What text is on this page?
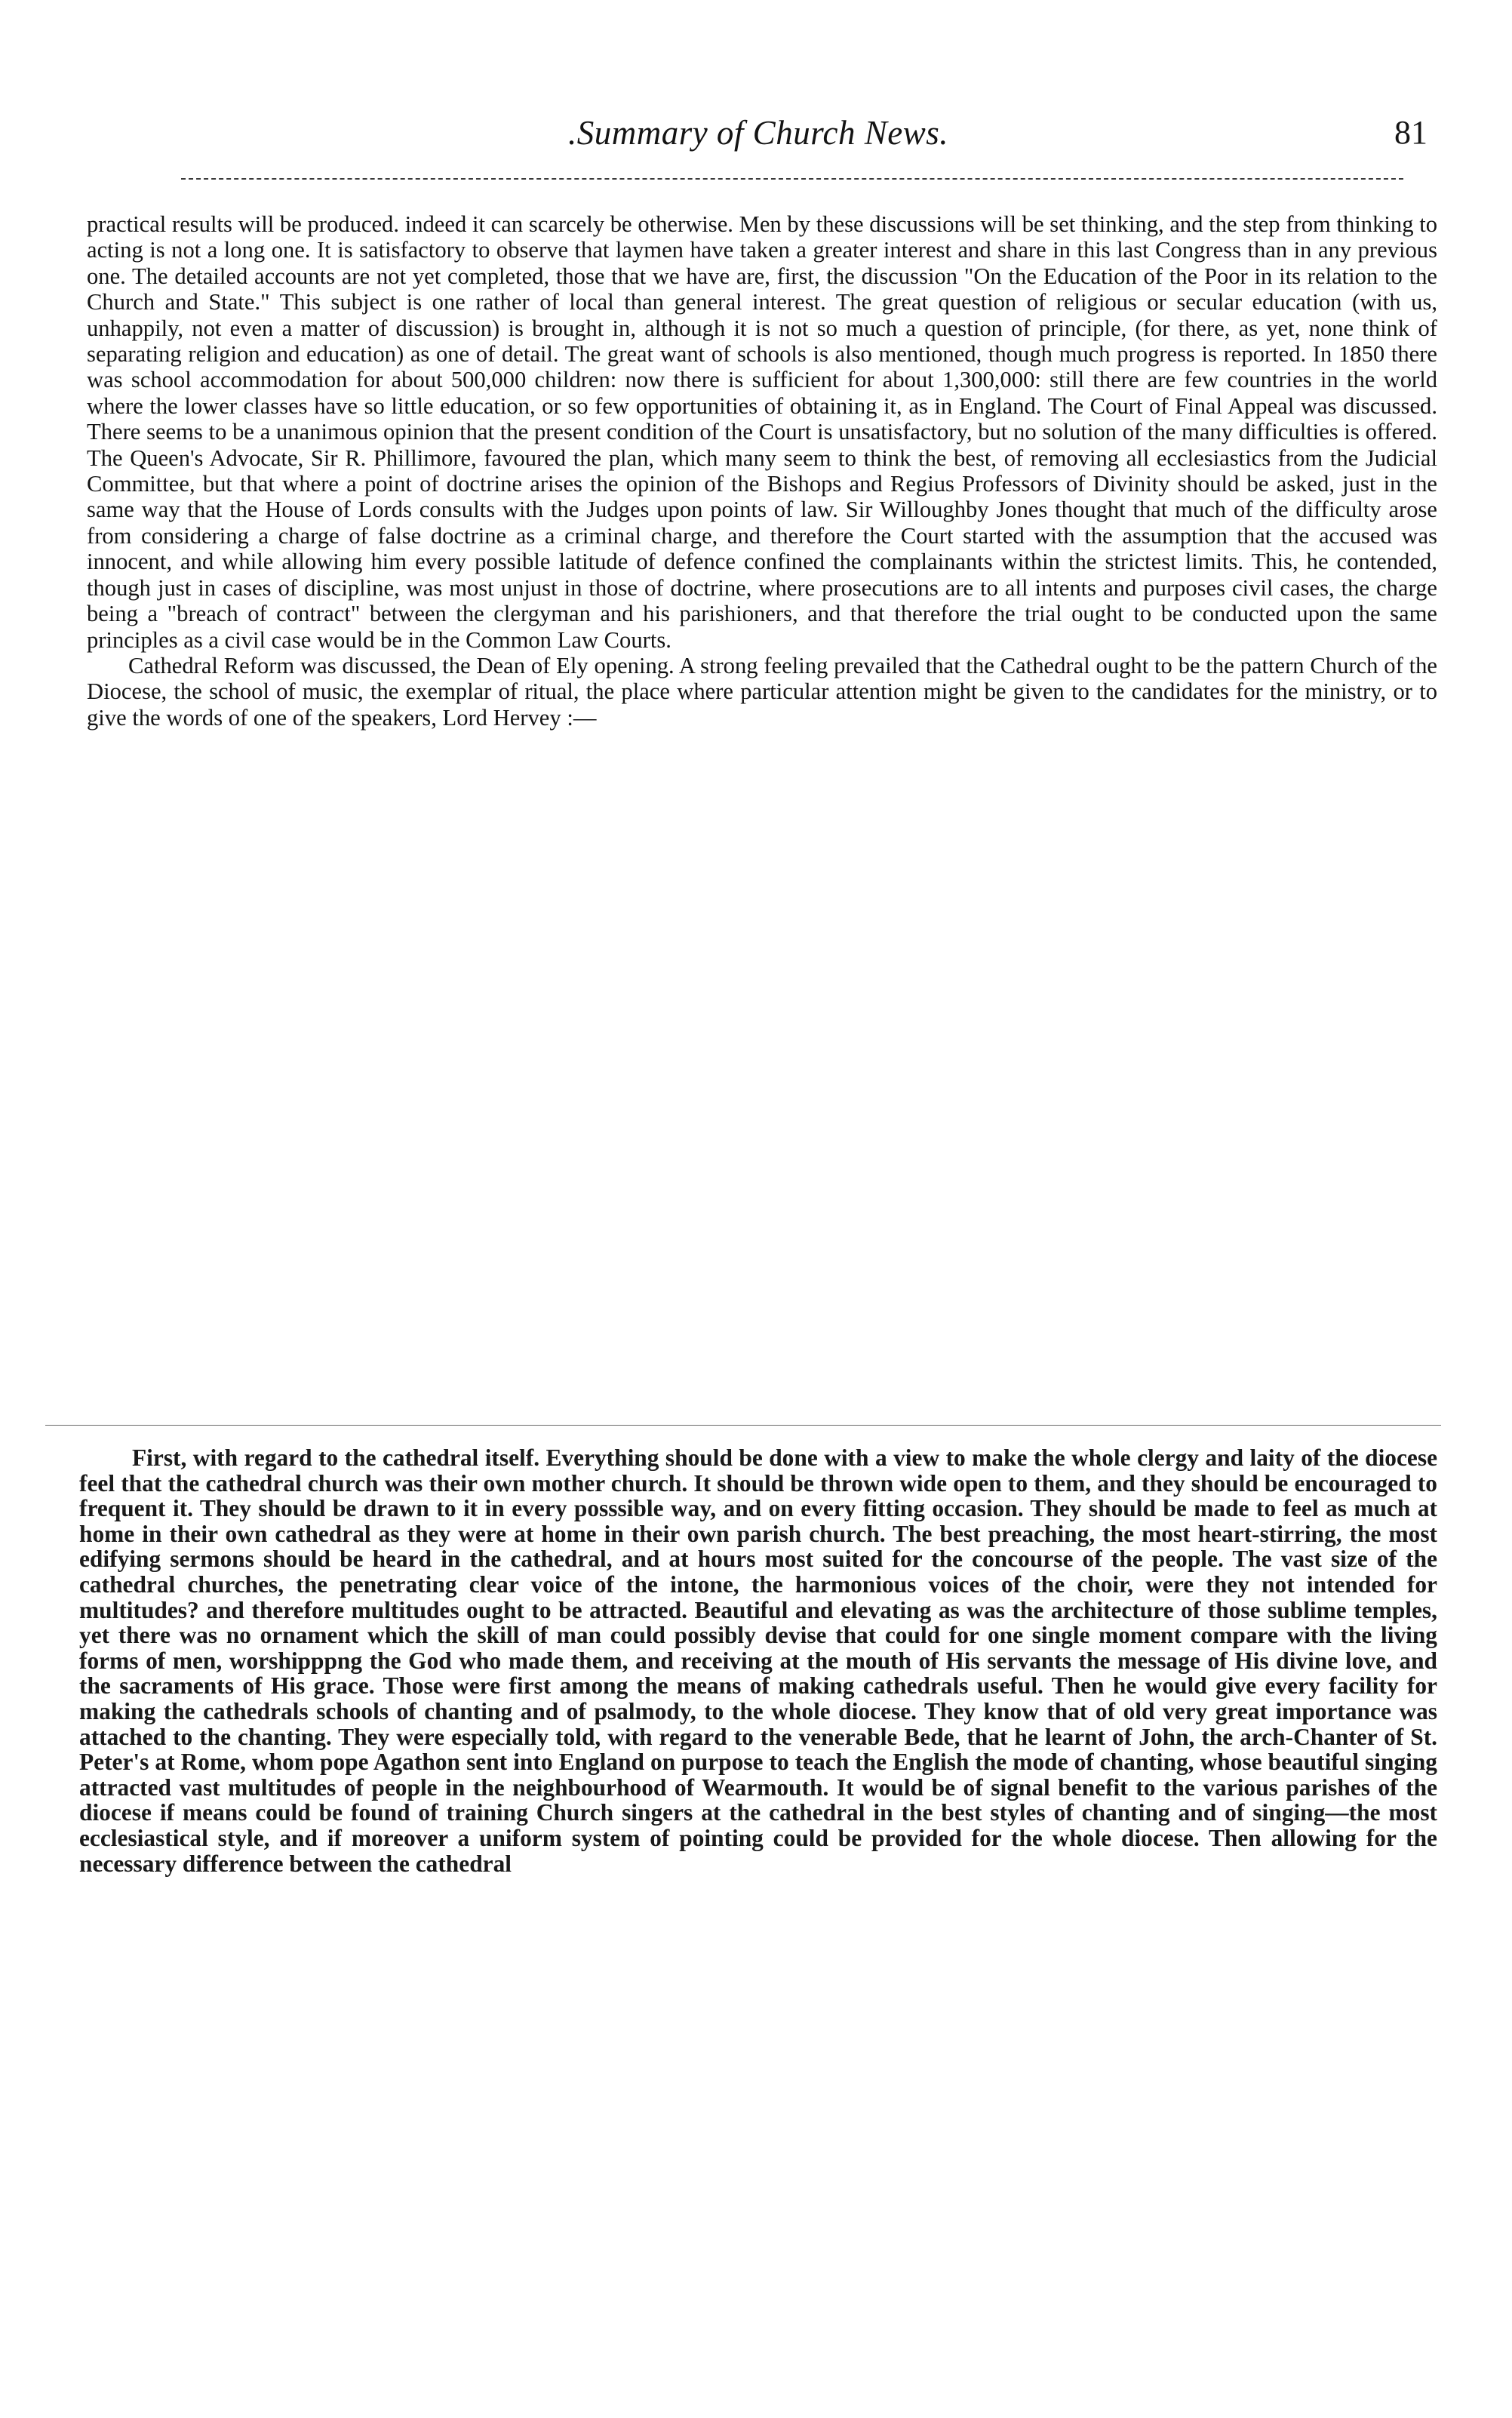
.Summary of Church News.	81

practical results will be produced. indeed it can scarcely be otherwise. Men by these discussions will be set thinking, and the step from thinking to acting is not a long one. It is satisfactory to observe that laymen have taken a greater interest and share in this last Congress than in any previous one. The detailed accounts are not yet completed, those that we have are, first, the discussion "On the Education of the Poor in its relation to the Church and State." This subject is one rather of local than general interest. The great question of religious or secular education (with us, unhappily, not even a matter of discussion) is brought in, although it is not so much a question of principle, (for there, as yet, none think of separating religion and education) as one of detail. The great want of schools is also mentioned, though much progress is reported. In 1850 there was school accommodation for about 500,000 children: now there is sufficient for about 1,300,000: still there are few countries in the world where the lower classes have so little education, or so few opportunities of obtaining it, as in England. The Court of Final Appeal was discussed. There seems to be a unanimous opinion that the present condition of the Court is unsatisfactory, but no solution of the many difficulties is offered. The Queen's Advocate, Sir R. Phillimore, favoured the plan, which many seem to think the best, of removing all ecclesiastics from the Judicial Committee, but that where a point of doctrine arises the opinion of the Bishops and Regius Professors of Divinity should be asked, just in the same way that the House of Lords consults with the Judges upon points of law. Sir Willoughby Jones thought that much of the difficulty arose from considering a charge of false doctrine as a criminal charge, and therefore the Court started with the assumption that the accused was innocent, and while allowing him every possible latitude of defence confined the complainants within the strictest limits. This, he contended, though just in cases of discipline, was most unjust in those of doctrine, where prosecutions are to all intents and purposes civil cases, the charge being a "breach of contract" between the clergyman and his parishioners, and that therefore the trial ought to be conducted upon the same principles as a civil case would be in the Common Law Courts.

Cathedral Reform was discussed, the Dean of Ely opening. A strong feeling prevailed that the Cathedral ought to be the pattern Church of the Diocese, the school of music, the exemplar of ritual, the place where particular attention might be given to the candidates for the ministry, or to give the words of one of the speakers, Lord Hervey :—

First, with regard to the cathedral itself. Everything should be done with a view to make the whole clergy and laity of the diocese feel that the cathedral church was their own mother church. It should be thrown wide open to them, and they should be encouraged to frequent it. They should be drawn to it in every posssible way, and on every fitting occasion. They should be made to feel as much at home in their own cathedral as they were at home in their own parish church. The best preaching, the most heart-stirring, the most edifying sermons should be heard in the cathedral, and at hours most suited for the concourse of the people. The vast size of the cathedral churches, the penetrating clear voice of the intone, the harmonious voices of the choir, were they not intended for multitudes? and therefore multitudes ought to be attracted. Beautiful and elevating as was the architecture of those sublime temples, yet there was no ornament which the skill of man could possibly devise that could for one single moment compare with the living forms of men, worshipppng the God who made them, and receiving at the mouth of His servants the message of His divine love, and the sacraments of His grace. Those were first among the means of making cathedrals useful. Then he would give every facility for making the cathedrals schools of chanting and of psalmody, to the whole diocese. They know that of old very great importance was attached to the chanting. They were especially told, with regard to the venerable Bede, that he learnt of John, the arch-Chanter of St. Peter's at Rome, whom pope Agathon sent into England on purpose to teach the English the mode of chanting, whose beautiful singing attracted vast multitudes of people in the neighbourhood of Wearmouth. It would be of signal benefit to the various parishes of the diocese if means could be found of training Church singers at the cathedral in the best styles of chanting and of singing—the most ecclesiastical style, and if moreover a uniform system of pointing could be provided for the whole diocese. Then allowing for the necessary difference between the cathedral
